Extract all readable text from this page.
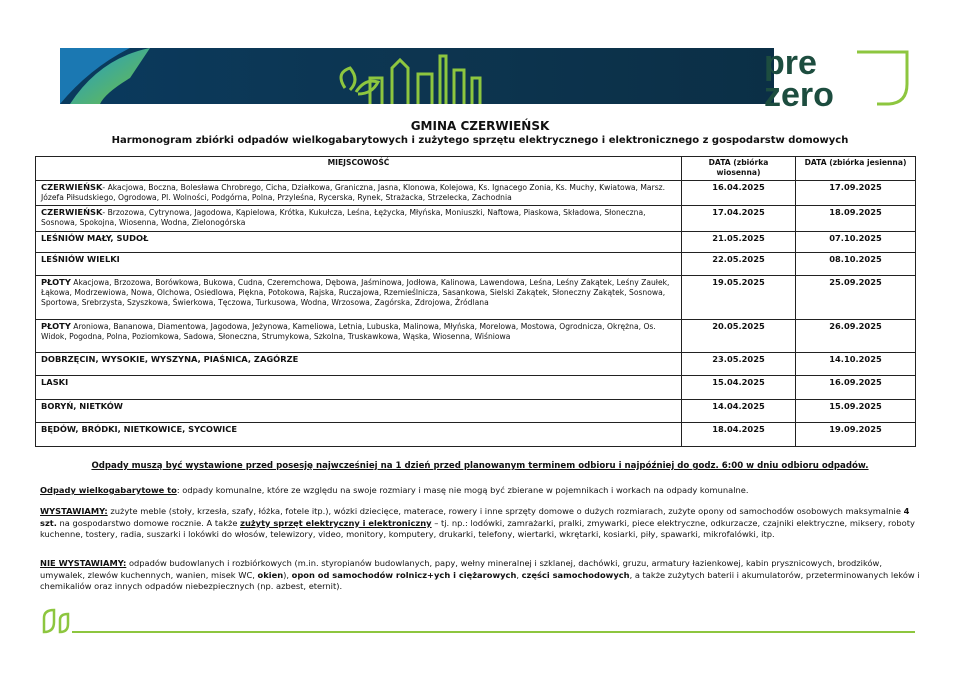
pre
zero
GMINA CZERWIEŃSK
Harmonogram zbiórki odpadów wielkogabarytowych i zużytego sprzętu elektrycznego i elektronicznego z gospodarstw domowych
MIEJSCOWOŚĆ	DATA (zbiórka wiosenna)	DATA (zbiórka jesienna)
CZERWIEŃSK- Akacjowa, Boczna, Bolesława Chrobrego, Cicha, Działkowa, Graniczna, Jasna, Klonowa, Kolejowa, Ks. Ignacego Zonia, Ks. Muchy, Kwiatowa, Marsz. Józefa Piłsudskiego, Ogrodowa, Pl. Wolności, Podgórna, Polna, Przyleśna, Rycerska, Rynek, Strażacka, Strzelecka, Zachodnia	16.04.2025	17.09.2025
CZERWIEŃSK- Brzozowa, Cytrynowa, Jagodowa, Kąpielowa, Krótka, Kukułcza, Leśna, Łężycka, Młyńska, Moniuszki, Naftowa, Piaskowa, Składowa, Słoneczna, Sosnowa, Spokojna, Wiosenna, Wodna, Zielonogórska	17.04.2025	18.09.2025
LEŚNIÓW MAŁY, SUDOŁ	21.05.2025	07.10.2025
LEŚNIÓW WIELKI	22.05.2025	08.10.2025
PŁOTY Akacjowa, Brzozowa, Borówkowa, Bukowa, Cudna, Czeremchowa, Dębowa, Jaśminowa, Jodłowa, Kalinowa, Lawendowa, Leśna, Leśny Zakątek, Leśny Zaułek, Łąkowa, Modrzewiowa, Nowa, Olchowa, Osiedlowa, Piękna, Potokowa, Rajska, Ruczajowa, Rzemieślnicza, Sasankowa, Sielski Zakątek, Słoneczny Zakątek, Sosnowa, Sportowa, Srebrzysta, Szyszkowa, Świerkowa, Tęczowa, Turkusowa, Wodna, Wrzosowa, Zagórska, Zdrojowa, Źródlana	19.05.2025	25.09.2025
PŁOTY Aroniowa, Bananowa, Diamentowa, Jagodowa, Jeżynowa, Kameliowa, Letnia, Lubuska, Malinowa, Młyńska, Morelowa, Mostowa, Ogrodnicza, Okrężna, Os. Widok, Pogodna, Polna, Poziomkowa, Sadowa, Słoneczna, Strumykowa, Szkolna, Truskawkowa, Wąska, Wiosenna, Wiśniowa	20.05.2025	26.09.2025
DOBRZĘCIN, WYSOKIE, WYSZYNA, PIAŚNICA, ZAGÓRZE	23.05.2025	14.10.2025
LASKI	15.04.2025	16.09.2025
BORYŃ, NIETKÓW	14.04.2025	15.09.2025
BĘDÓW, BRÓDKI, NIETKOWICE, SYCOWICE	18.04.2025	19.09.2025
Odpady muszą być wystawione przed posesję najwcześniej na 1 dzień przed planowanym terminem odbioru i najpóźniej do godz. 6:00 w dniu odbioru odpadów.
Odpady wielkogabarytowe to: odpady komunalne, które ze względu na swoje rozmiary i masę nie mogą być zbierane w pojemnikach i workach na odpady komunalne.
WYSTAWIAMY: zużyte meble (stoły, krzesła, szafy, łóżka, fotele itp.), wózki dziecięce, materace, rowery i inne sprzęty domowe o dużych rozmiarach, zużyte opony od samochodów osobowych maksymalnie 4 szt. na gospodarstwo domowe rocznie. A także zużyty sprzęt elektryczny i elektroniczny – tj. np.: lodówki, zamrażarki, pralki, zmywarki, piece elektryczne, odkurzacze, czajniki elektryczne, miksery, roboty kuchenne, tostery, radia, suszarki i lokówki do włosów, telewizory, video, monitory, komputery, drukarki, telefony, wiertarki, wkrętarki, kosiarki, piły, spawarki, mikrofalówki, itp.
NIE WYSTAWIAMY: odpadów budowlanych i rozbiórkowych (m.in. styropianów budowlanych, papy, wełny mineralnej i szklanej, dachówki, gruzu, armatury łazienkowej, kabin prysznicowych, brodzików, umywalek, zlewów kuchennych, wanien, misek WC, okien), opon od samochodów rolnicz+ych i ciężarowych, części samochodowych, a także zużytych baterii i akumulatorów, przeterminowanych leków i chemikaliów oraz innych odpadów niebezpiecznych (np. azbest, eternit).
